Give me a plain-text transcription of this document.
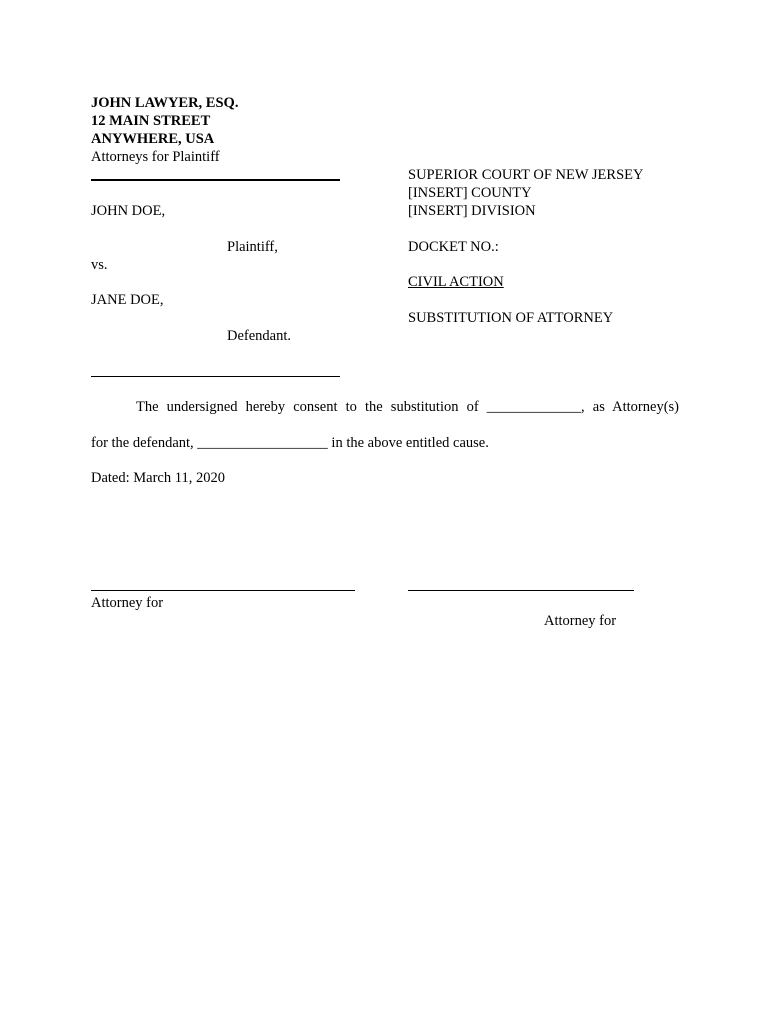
JOHN LAWYER, ESQ.
12 MAIN STREET
ANYWHERE, USA
Attorneys for Plaintiff
SUPERIOR COURT OF NEW JERSEY
[INSERT] COUNTY
[INSERT] DIVISION
DOCKET NO.:
CIVIL ACTION
SUBSTITUTION OF ATTORNEY
JOHN DOE,
Plaintiff,
vs.
JANE DOE,
Defendant.
The undersigned hereby consent to the substitution of _____________, as Attorney(s)
for the defendant, __________________ in the above entitled cause.
Dated: March 11, 2020
Attorney for
Attorney for
